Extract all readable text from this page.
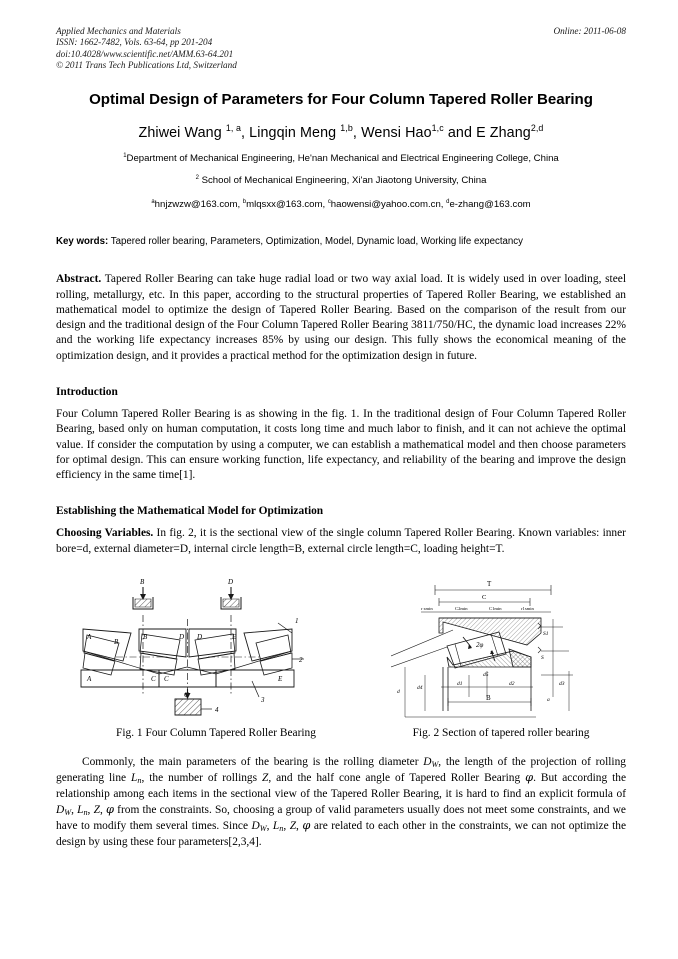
Applied Mechanics and Materials
ISSN: 1662-7482, Vols. 63-64, pp 201-204
doi:10.4028/www.scientific.net/AMM.63-64.201
© 2011 Trans Tech Publications Ltd, Switzerland
Online: 2011-06-08
Optimal Design of Parameters for Four Column Tapered Roller Bearing
Zhiwei Wang $^{1, a}$, Lingqin Meng $^{1,b}$, Wensi Hao$^{1,c}$ and E Zhang$^{2,d}$
$^1$Department of Mechanical Engineering, He'nan Mechanical and Electrical Engineering College, China
$^2$ School of Mechanical Engineering, Xi'an Jiaotong University, China
$^a$hnjzwzw@163.com, $^b$mlqsxx@163.com, $^c$haowensi@yahoo.com.cn, $^d$e-zhang@163.com

Key words: Tapered roller bearing, Parameters, Optimization, Model, Dynamic load, Working life expectancy

Abstract. Tapered Roller Bearing can take huge radial load or two way axial load. It is widely used in over loading, steel rolling, metallurgy, etc. In this paper, according to the structural properties of Tapered Roller Bearing, we established an mathematical model to optimize the design of Tapered Roller Bearing. Based on the comparison of the result from our design and the traditional design of the Four Column Tapered Roller Bearing 3811/750/HC, the dynamic load increases 22% and the working life expectancy increases 85% by using our design. This fully shows the economical meaning of the optimization design, and it provides a practical method for the optimization design in future.

Introduction

Four Column Tapered Roller Bearing is as showing in the fig. 1. In the traditional design of Four Column Tapered Roller Bearing, based only on human computation, it costs long time and much labor to finish, and it can not achieve the optimal value. If consider the computation by using a computer, we can establish a mathematical model and then choose parameters for optimal design. This can ensure working function, life expectancy, and reliability of the bearing and improve the design efficiency in the same time[1].

Establishing the Mathematical Model for Optimization

Choosing Variables. In fig. 2, it is the sectional view of the single column Tapered Roller Bearing. Known variables: inner bore=d, external diameter=D, internal circle length=B, external circle length=C, loading height=T.

B	D
C
A
B
B	D D	E
A	C C	E
1
2
3
4
T
C
r smin	C2min	C1min	r1smin
2φ
d1
d5
d2	d3
d4
d
S
S1
a
B
Fig. 1 Four Column Tapered Roller Bearing	Fig. 2 Section of tapered roller bearing

Commonly, the main parameters of the bearing is the rolling diameter $D_W$, the length of the projection of rolling generating line $L_n$, the number of rollings Z, and the half cone angle of Tapered Roller Bearing φ. But according the relationship among each items in the sectional view of the Tapered Roller Bearing, it is hard to find an explicit formula of $D_W$, $L_n$, Z, φ from the constraints. So, choosing a group of valid parameters usually does not meet some constraints, and we have to modify them several times. Since $D_W$, $L_n$, Z, φ are related to each other in the constraints, we can not optimize the design by using these four parameters[2,3,4].
